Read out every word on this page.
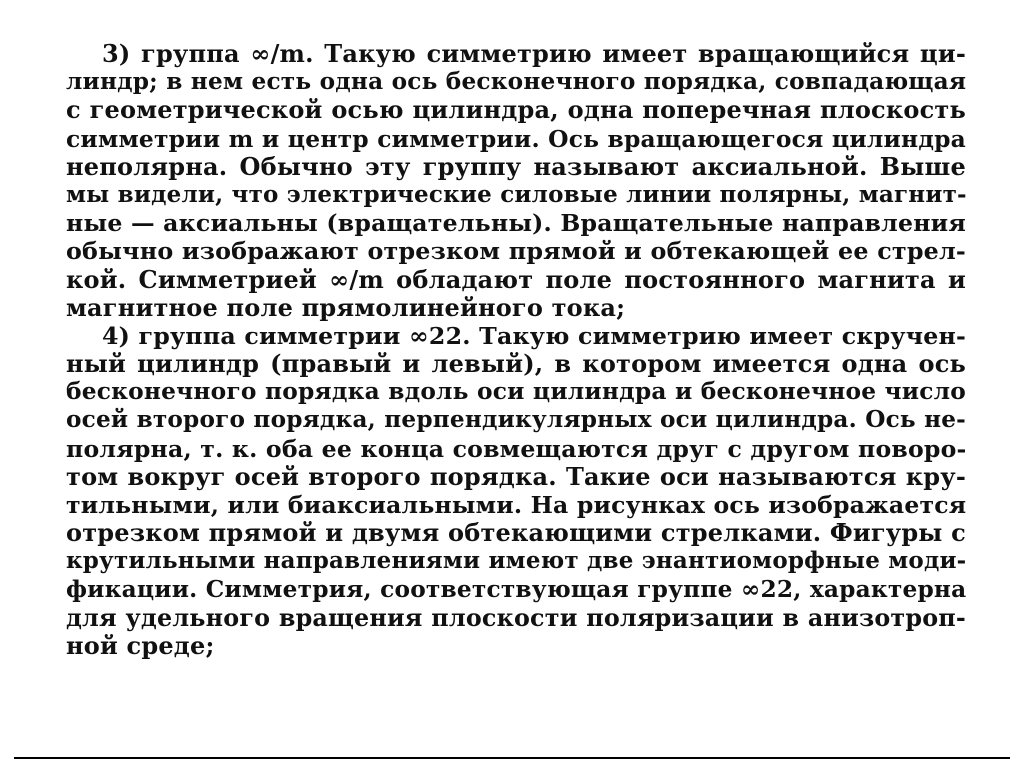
3) группа ∞/m. Такую симметрию имеет вращающийся ци-
линдр; в нем есть одна ось бесконечного порядка, совпадающая
с геометрической осью цилиндра, одна поперечная плоскость
симметрии m и центр симметрии. Ось вращающегося цилиндра
неполярна. Обычно эту группу называют аксиальной. Выше
мы видели, что электрические силовые линии полярны, магнит-
ные — аксиальны (вращательны). Вращательные направления
обычно изображают отрезком прямой и обтекающей ее стрел-
кой. Симметрией ∞/m обладают поле постоянного магнита и
магнитное поле прямолинейного тока;
4) группа симметрии ∞22. Такую симметрию имеет скручен-
ный цилиндр (правый и левый), в котором имеется одна ось
бесконечного порядка вдоль оси цилиндра и бесконечное число
осей второго порядка, перпендикулярных оси цилиндра. Ось не-
полярна, т. к. оба ее конца совмещаются друг с другом поворо-
том вокруг осей второго порядка. Такие оси называются кру-
тильными, или биаксиальными. На рисунках ось изображается
отрезком прямой и двумя обтекающими стрелками. Фигуры с
крутильными направлениями имеют две энантиоморфные моди-
фикации. Симметрия, соответствующая группе ∞22, характерна
для удельного вращения плоскости поляризации в анизотроп-
ной среде;
